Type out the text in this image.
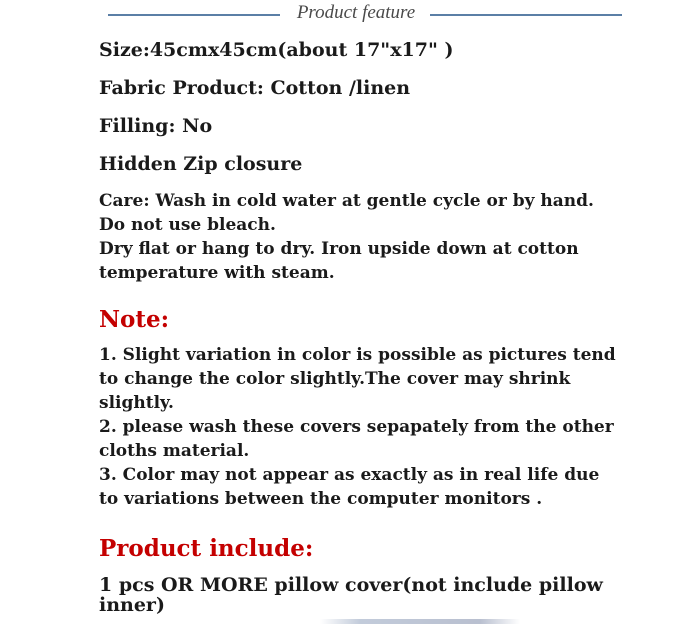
Product feature

Size:45cmx45cm(about 17"x17" )

Fabric Product: Cotton /linen

Filling: No

Hidden Zip closure

Care: Wash in cold water at gentle cycle or by hand.
Do not use bleach.
Dry flat or hang to dry. Iron upside down at cotton
temperature with steam.
Note:
1. Slight variation in color is possible as pictures tend
to change the color slightly.The cover may shrink
slightly.
2. please wash these covers sepapately from the other
cloths material.
3. Color may not appear as exactly as in real life due
to variations between the computer monitors .
Product include:
1 pcs OR MORE pillow cover(not include pillow
inner)
